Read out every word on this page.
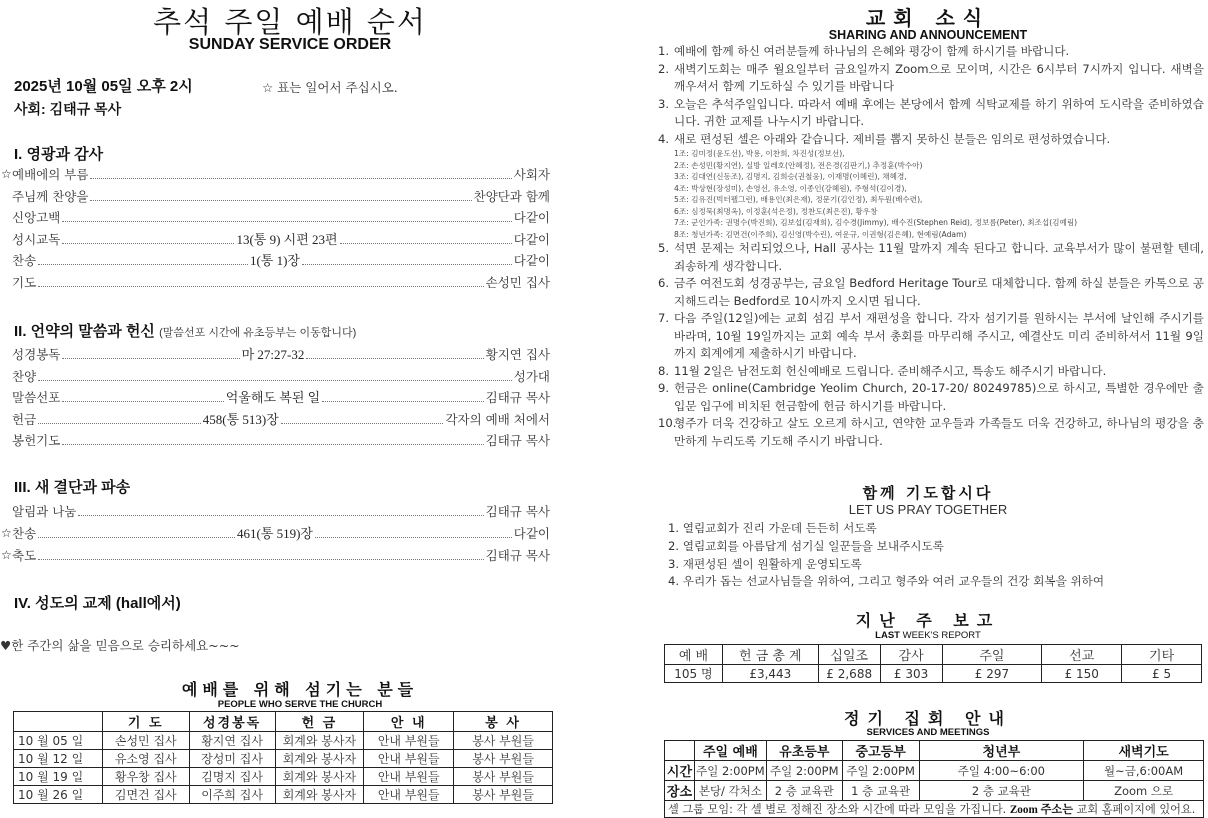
추석 주일 예배 순서
SUNDAY SERVICE ORDER
2025년 10월 05일 오후 2시	☆ 표는 일어서 주십시오.
사회: 김태규 목사
I. 영광과 감사
☆ 예배에의 부름	사회자
주님께 찬양을	찬양단과 함께
신앙고백	다같이
성시교독	13(통 9) 시편 23편	다같이
찬송	1(통 1)장	다같이
기도	손성민 집사
II. 언약의 말씀과 헌신 (말씀선포 시간에 유초등부는 이동합니다)
성경봉독	마 27:27-32	황지연 집사
찬양	성가대
말씀선포	억울해도 복된 일	김태규 목사
헌금	458(통 513)장	각자의 예배 처에서
봉헌기도	김태규 목사
III. 새 결단과 파송
알림과 나눔	김태규 목사
☆ 찬송	461(통 519)장	다같이
☆ 축도	김태규 목사
IV. 성도의 교제 (hall에서)
♥한 주간의 삶을 믿음으로 승리하세요~~~
예배를 위해 섬기는 분들
PEOPLE WHO SERVE THE CHURCH
	기 도	성경봉독	헌 금	안 내	봉 사
10 월 05 일	손성민 집사	황지연 집사	회계와 봉사자	안내 부원들	봉사 부원들
10 월 12 일	유소영 집사	장성미 집사	회계와 봉사자	안내 부원들	봉사 부원들
10 월 19 일	황우창 집사	김명지 집사	회계와 봉사자	안내 부원들	봉사 부원들
10 월 26 일	김면건 집사	이주희 집사	회계와 봉사자	안내 부원들	봉사 부원들
교회 소식
SHARING AND ANNOUNCEMENT
1. 예배에 함께 하신 여러분들께 하나님의 은혜와 평강이 함께 하시기를 바랍니다.
2. 새벽기도회는 매주 월요일부터 금요일까지 Zoom으로 모이며, 시간은 6시부터 7시까지 입니다. 새벽을 깨우셔서 함께 기도하실 수 있기를 바랍니다
3. 오늘은 추석주일입니다. 따라서 예배 후에는 본당에서 함께 식탁교제를 하기 위하여 도시락을 준비하였습니다. 귀한 교제를 나누시기 바랍니다.
4. 새로 편성된 셀은 아래와 같습니다. 제비를 뽑지 못하신 분들은 임의로 편성하였습니다.
1조: 김미정(윤도선), 박용, 이찬희, 차진성(정보선),
2조: 손성민(황지연), 실방 일레호(안혜정), 전은경(김판기,) 추정훈(박수아)
3조: 김대연(신동조), 김명지, 김희승(권철웅), 이재명(이혜린), 채혜경,
4조: 박상현(장성미), 손영선, 유소영, 이종인(강혜원), 주형석(김이경),
5조: 김유진(빅터펠그런), 배용인(최은재), 정문기(김인정), 최두원(배수련),
6조: 심정묵(최명옥), 이정훈(석은정), 정찬도(최은진), 황우창
7조: 군인가족: 권명수(박진희), 김보섭(김재희), 김수경(Jimmy), 배수진(Stephen Reid), 정보름(Peter), 최조섭(김예림)
8조: 청년가족: 김면건(이주희), 김신영(박수린), 여운규, 이권형(김은혜), 현예림(Adam)
5. 석면 문제는 처리되었으나, Hall 공사는 11월 말까지 계속 된다고 합니다. 교육부서가 많이 불편할 텐데, 죄송하게 생각합니다.
6. 금주 여전도회 성경공부는, 금요일 Bedford Heritage Tour로 대체합니다. 함께 하실 분들은 카톡으로 공지해드리는 Bedford로 10시까지 오시면 됩니다.
7. 다음 주일(12일)에는 교회 섬김 부서 재편성을 합니다. 각자 섬기기를 원하시는 부서에 날인해 주시기를 바라며, 10월 19일까지는 교회 예속 부서 총회를 마무리해 주시고, 예결산도 미리 준비하셔서 11월 9일까지 회계에게 제출하시기 바랍니다.
8. 11월 2일은 남전도회 헌신예배로 드립니다. 준비해주시고, 특송도 해주시기 바랍니다.
9. 헌금은 online(Cambridge Yeolim Church, 20-17-20/ 80249785)으로 하시고, 특별한 경우에만 출입문 입구에 비치된 헌금함에 헌금 하시기를 바랍니다.
10.
형주가 더욱 건강하고 살도 오르게 하시고, 연약한 교우들과 가족들도 더욱 건강하고, 하나님의 평강을 충만하게 누리도록 기도해 주시기 바랍니다.
함께 기도합시다
LET US PRAY TOGETHER
1. 열림교회가 진리 가운데 든든히 서도록
2. 열림교회를 아름답게 섬기실 일꾼들을 보내주시도록
3. 재편성된 셀이 원활하게 운영되도록
4. 우리가 돕는 선교사님들을 위하여, 그리고 형주와 여러 교우들의 건강 회복을 위하여
지난 주 보고
LAST WEEK'S REPORT
예 배	헌 금 총 계	십일조	감사	주일	선교	기타
105 명	£3,443	£ 2,688	£ 303	£ 297	£ 150	£ 5
정기 집회 안내
SERVICES AND MEETINGS
	주일 예배	유초등부	중고등부	청년부	새벽기도
시간	주일 2:00PM	주일 2:00PM	주일 2:00PM	주일 4:00~6:00	월~금,6:00AM
장소	본당/ 각처소	2 층 교육관	1 층 교육관	2 층 교육관	Zoom 으로
셀 그룹 모임: 각 셀 별로 정해진 장소와 시간에 따라 모임을 가집니다. Zoom 주소는 교회 홈페이지에 있어요.					
